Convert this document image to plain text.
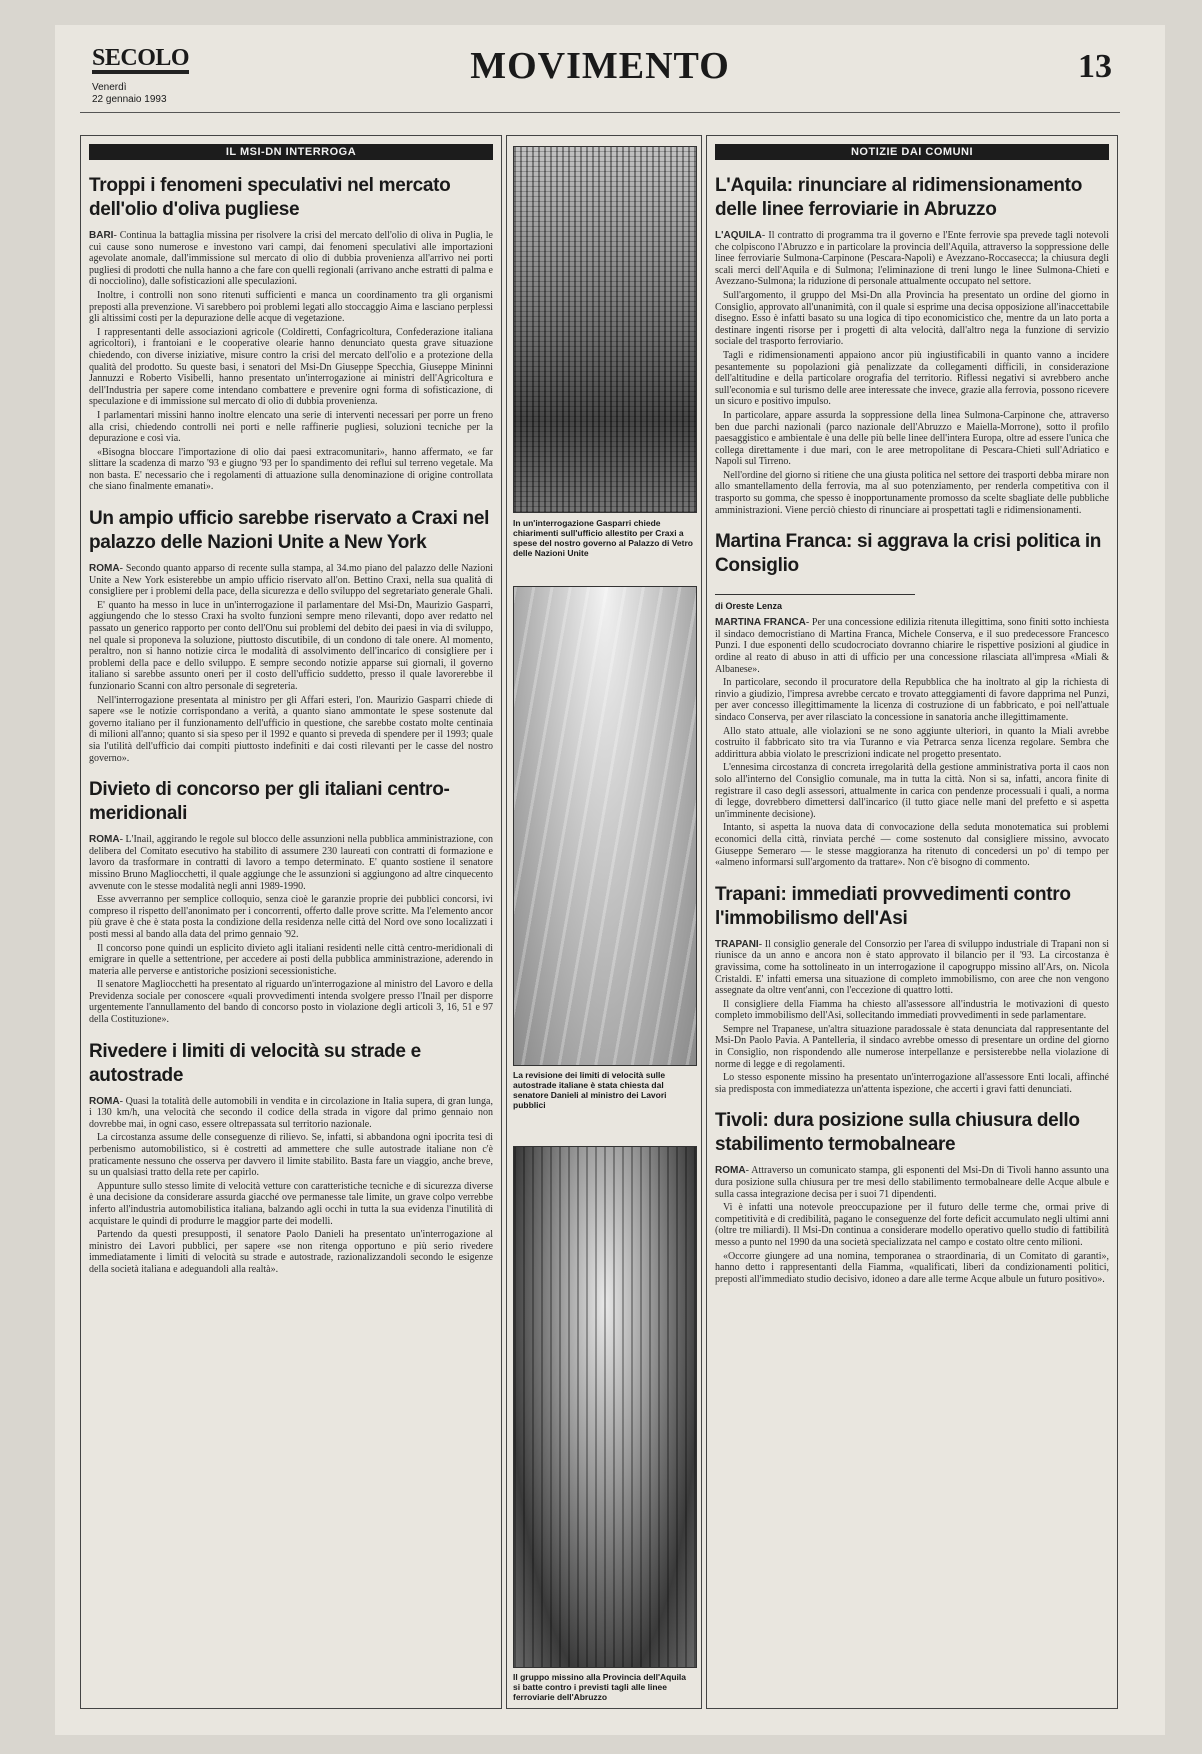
SECOLO
Venerdì
22 gennaio 1993
MOVIMENTO	13
IL MSI-DN INTERROGA
Troppi i fenomeni speculativi nel mercato dell'olio d'oliva pugliese

BARI- Continua la battaglia missina per risolvere la crisi del mercato dell'olio di oliva in Puglia, le cui cause sono numerose e investono vari campi, dai fenomeni speculativi alle importazioni agevolate anomale, dall'immissione sul mercato di olio di dubbia provenienza all'arrivo nei porti pugliesi di prodotti che nulla hanno a che fare con quelli regionali (arrivano anche estratti di palma e di nocciolino), dalle sofisticazioni alle speculazioni.

Inoltre, i controlli non sono ritenuti sufficienti e manca un coordinamento tra gli organismi preposti alla prevenzione. Vi sarebbero poi problemi legati allo stoccaggio Aima e lasciano perplessi gli altissimi costi per la depurazione delle acque di vegetazione.

I rappresentanti delle associazioni agricole (Coldiretti, Confagricoltura, Confederazione italiana agricoltori), i frantoiani e le cooperative olearie hanno denunciato questa grave situazione chiedendo, con diverse iniziative, misure contro la crisi del mercato dell'olio e a protezione della qualità del prodotto. Su queste basi, i senatori del Msi-Dn Giuseppe Specchia, Giuseppe Mininni Jannuzzi e Roberto Visibelli, hanno presentato un'interrogazione ai ministri dell'Agricoltura e dell'Industria per sapere come intendano combattere e prevenire ogni forma di sofisticazione, di speculazione e di immissione sul mercato di olio di dubbia provenienza.

I parlamentari missini hanno inoltre elencato una serie di interventi necessari per porre un freno alla crisi, chiedendo controlli nei porti e nelle raffinerie pugliesi, soluzioni tecniche per la depurazione e così via.

«Bisogna bloccare l'importazione di olio dai paesi extracomunitari», hanno affermato, «e far slittare la scadenza di marzo '93 e giugno '93 per lo spandimento dei reflui sul terreno vegetale. Ma non basta. E' necessario che i regolamenti di attuazione sulla denominazione di origine controllata che siano finalmente emanati».

Un ampio ufficio sarebbe riservato a Craxi nel palazzo delle Nazioni Unite a New York

ROMA- Secondo quanto apparso di recente sulla stampa, al 34.mo piano del palazzo delle Nazioni Unite a New York esisterebbe un ampio ufficio riservato all'on. Bettino Craxi, nella sua qualità di consigliere per i problemi della pace, della sicurezza e dello sviluppo del segretariato generale Ghali.

E' quanto ha messo in luce in un'interrogazione il parlamentare del Msi-Dn, Maurizio Gasparri, aggiungendo che lo stesso Craxi ha svolto funzioni sempre meno rilevanti, dopo aver redatto nel passato un generico rapporto per conto dell'Onu sui problemi del debito dei paesi in via di sviluppo, nel quale si proponeva la soluzione, piuttosto discutibile, di un condono di tale onere. Al momento, peraltro, non si hanno notizie circa le modalità di assolvimento dell'incarico di consigliere per i problemi della pace e dello sviluppo. E sempre secondo notizie apparse sui giornali, il governo italiano si sarebbe assunto oneri per il costo dell'ufficio suddetto, presso il quale lavorerebbe il funzionario Scanni con altro personale di segreteria.

Nell'interrogazione presentata al ministro per gli Affari esteri, l'on. Maurizio Gasparri chiede di sapere «se le notizie corrispondano a verità, a quanto siano ammontate le spese sostenute dal governo italiano per il funzionamento dell'ufficio in questione, che sarebbe costato molte centinaia di milioni all'anno; quanto si sia speso per il 1992 e quanto si preveda di spendere per il 1993; quale sia l'utilità dell'ufficio dai compiti piuttosto indefiniti e dai costi rilevanti per le casse del nostro governo».

Divieto di concorso per gli italiani centro-meridionali

ROMA- L'Inail, aggirando le regole sul blocco delle assunzioni nella pubblica amministrazione, con delibera del Comitato esecutivo ha stabilito di assumere 230 laureati con contratti di formazione e lavoro da trasformare in contratti di lavoro a tempo determinato. E' quanto sostiene il senatore missino Bruno Magliocchetti, il quale aggiunge che le assunzioni si aggiungono ad altre cinquecento avvenute con le stesse modalità negli anni 1989-1990.

Esse avverranno per semplice colloquio, senza cioè le garanzie proprie dei pubblici concorsi, ivi compreso il rispetto dell'anonimato per i concorrenti, offerto dalle prove scritte. Ma l'elemento ancor più grave è che è stata posta la condizione della residenza nelle città del Nord ove sono localizzati i posti messi al bando alla data del primo gennaio '92.

Il concorso pone quindi un esplicito divieto agli italiani residenti nelle città centro-meridionali di emigrare in quelle a settentrione, per accedere ai posti della pubblica amministrazione, aderendo in materia alle perverse e antistoriche posizioni secessionistiche.

Il senatore Magliocchetti ha presentato al riguardo un'interrogazione al ministro del Lavoro e della Previdenza sociale per conoscere «quali provvedimenti intenda svolgere presso l'Inail per disporre urgentemente l'annullamento del bando di concorso posto in violazione degli articoli 3, 16, 51 e 97 della Costituzione».

Rivedere i limiti di velocità su strade e autostrade

ROMA- Quasi la totalità delle automobili in vendita e in circolazione in Italia supera, di gran lunga, i 130 km/h, una velocità che secondo il codice della strada in vigore dal primo gennaio non dovrebbe mai, in ogni caso, essere oltrepassata sul territorio nazionale.

La circostanza assume delle conseguenze di rilievo. Se, infatti, si abbandona ogni ipocrita tesi di perbenismo automobilistico, si è costretti ad ammettere che sulle autostrade italiane non c'è praticamente nessuno che osserva per davvero il limite stabilito. Basta fare un viaggio, anche breve, su un qualsiasi tratto della rete per capirlo.

Appunture sullo stesso limite di velocità vetture con caratteristiche tecniche e di sicurezza diverse è una decisione da considerare assurda giacché ove permanesse tale limite, un grave colpo verrebbe inferto all'industria automobilistica italiana, balzando agli occhi in tutta la sua evidenza l'inutilità di acquistare le quindi di produrre le maggior parte dei modelli.

Partendo da questi presupposti, il senatore Paolo Danieli ha presentato un'interrogazione al ministro dei Lavori pubblici, per sapere «se non ritenga opportuno e più serio rivedere immediatamente i limiti di velocità su strade e autostrade, razionalizzandoli secondo le esigenze della società italiana e adeguandoli alla realtà».

In un'interrogazione Gasparri chiede chiarimenti sull'ufficio allestito per Craxi a spese del nostro governo al Palazzo di Vetro delle Nazioni Unite
La revisione dei limiti di velocità sulle autostrade italiane è stata chiesta dal senatore Danieli al ministro dei Lavori pubblici
Il gruppo missino alla Provincia dell'Aquila si batte contro i previsti tagli alle linee ferroviarie dell'Abruzzo
NOTIZIE DAI COMUNI
L'Aquila: rinunciare al ridimensionamento delle linee ferroviarie in Abruzzo

L'AQUILA- Il contratto di programma tra il governo e l'Ente ferrovie spa prevede tagli notevoli che colpiscono l'Abruzzo e in particolare la provincia dell'Aquila, attraverso la soppressione delle linee ferroviarie Sulmona-Carpinone (Pescara-Napoli) e Avezzano-Roccasecca; la chiusura degli scali merci dell'Aquila e di Sulmona; l'eliminazione di treni lungo le linee Sulmona-Chieti e Avezzano-Sulmona; la riduzione di personale attualmente occupato nel settore.

Sull'argomento, il gruppo del Msi-Dn alla Provincia ha presentato un ordine del giorno in Consiglio, approvato all'unanimità, con il quale si esprime una decisa opposizione all'inaccettabile disegno. Esso è infatti basato su una logica di tipo economicistico che, mentre da un lato porta a destinare ingenti risorse per i progetti di alta velocità, dall'altro nega la funzione di servizio sociale del trasporto ferroviario.

Tagli e ridimensionamenti appaiono ancor più ingiustificabili in quanto vanno a incidere pesantemente su popolazioni già penalizzate da collegamenti difficili, in considerazione dell'altitudine e della particolare orografia del territorio. Riflessi negativi si avrebbero anche sull'economia e sul turismo delle aree interessate che invece, grazie alla ferrovia, possono ricevere un sicuro e positivo impulso.

In particolare, appare assurda la soppressione della linea Sulmona-Carpinone che, attraverso ben due parchi nazionali (parco nazionale dell'Abruzzo e Maiella-Morrone), sotto il profilo paesaggistico e ambientale è una delle più belle linee dell'intera Europa, oltre ad essere l'unica che collega direttamente i due mari, con le aree metropolitane di Pescara-Chieti sull'Adriatico e Napoli sul Tirreno.

Nell'ordine del giorno si ritiene che una giusta politica nel settore dei trasporti debba mirare non allo smantellamento della ferrovia, ma al suo potenziamento, per renderla competitiva con il trasporto su gomma, che spesso è inopportunamente promosso da scelte sbagliate delle pubbliche amministrazioni. Viene perciò chiesto di rinunciare ai prospettati tagli e ridimensionamenti.

Martina Franca: si aggrava la crisi politica in Consiglio
di Oreste Lenza

MARTINA FRANCA- Per una concessione edilizia ritenuta illegittima, sono finiti sotto inchiesta il sindaco democristiano di Martina Franca, Michele Conserva, e il suo predecessore Francesco Punzi. I due esponenti dello scudocrociato dovranno chiarire le rispettive posizioni al giudice in ordine al reato di abuso in atti di ufficio per una concessione rilasciata all'impresa «Miali & Albanese».

In particolare, secondo il procuratore della Repubblica che ha inoltrato al gip la richiesta di rinvio a giudizio, l'impresa avrebbe cercato e trovato atteggiamenti di favore dapprima nel Punzi, per aver concesso illegittimamente la licenza di costruzione di un fabbricato, e poi nell'attuale sindaco Conserva, per aver rilasciato la concessione in sanatoria anche illegittimamente.

Allo stato attuale, alle violazioni se ne sono aggiunte ulteriori, in quanto la Miali avrebbe costruito il fabbricato sito tra via Turanno e via Petrarca senza licenza regolare. Sembra che addirittura abbia violato le prescrizioni indicate nel progetto presentato.

L'ennesima circostanza di concreta irregolarità della gestione amministrativa porta il caos non solo all'interno del Consiglio comunale, ma in tutta la città. Non si sa, infatti, ancora finite di registrare il caso degli assessori, attualmente in carica con pendenze processuali i quali, a norma di legge, dovrebbero dimettersi dall'incarico (il tutto giace nelle mani del prefetto e si aspetta un'imminente decisione).

Intanto, si aspetta la nuova data di convocazione della seduta monotematica sui problemi economici della città, rinviata perché — come sostenuto dal consigliere missino, avvocato Giuseppe Semeraro — le stesse maggioranza ha ritenuto di concedersi un po' di tempo per «almeno informarsi sull'argomento da trattare». Non c'è bisogno di commento.

Trapani: immediati provvedimenti contro l'immobilismo dell'Asi

TRAPANI- Il consiglio generale del Consorzio per l'area di sviluppo industriale di Trapani non si riunisce da un anno e ancora non è stato approvato il bilancio per il '93. La circostanza è gravissima, come ha sottolineato in un interrogazione il capogruppo missino all'Ars, on. Nicola Cristaldi. E' infatti emersa una situazione di completo immobilismo, con aree che non vengono assegnate da oltre vent'anni, con l'eccezione di quattro lotti.

Il consigliere della Fiamma ha chiesto all'assessore all'industria le motivazioni di questo completo immobilismo dell'Asi, sollecitando immediati provvedimenti in sede parlamentare.

Sempre nel Trapanese, un'altra situazione paradossale è stata denunciata dal rappresentante del Msi-Dn Paolo Pavia. A Pantelleria, il sindaco avrebbe omesso di presentare un ordine del giorno in Consiglio, non rispondendo alle numerose interpellanze e persisterebbe nella violazione di norme di legge e di regolamenti.

Lo stesso esponente missino ha presentato un'interrogazione all'assessore Enti locali, affinché sia predisposta con immediatezza un'attenta ispezione, che accerti i gravi fatti denunciati.

Tivoli: dura posizione sulla chiusura dello stabilimento termobalneare

ROMA- Attraverso un comunicato stampa, gli esponenti del Msi-Dn di Tivoli hanno assunto una dura posizione sulla chiusura per tre mesi dello stabilimento termobalneare delle Acque albule e sulla cassa integrazione decisa per i suoi 71 dipendenti.

Vi è infatti una notevole preoccupazione per il futuro delle terme che, ormai prive di competitività e di credibilità, pagano le conseguenze del forte deficit accumulato negli ultimi anni (oltre tre miliardi). Il Msi-Dn continua a considerare modello operativo quello studio di fattibilità messo a punto nel 1990 da una società specializzata nel campo e costato oltre cento milioni.

«Occorre giungere ad una nomina, temporanea o straordinaria, di un Comitato di garanti», hanno detto i rappresentanti della Fiamma, «qualificati, liberi da condizionamenti politici, preposti all'immediato studio decisivo, idoneo a dare alle terme Acque albule un futuro positivo».
